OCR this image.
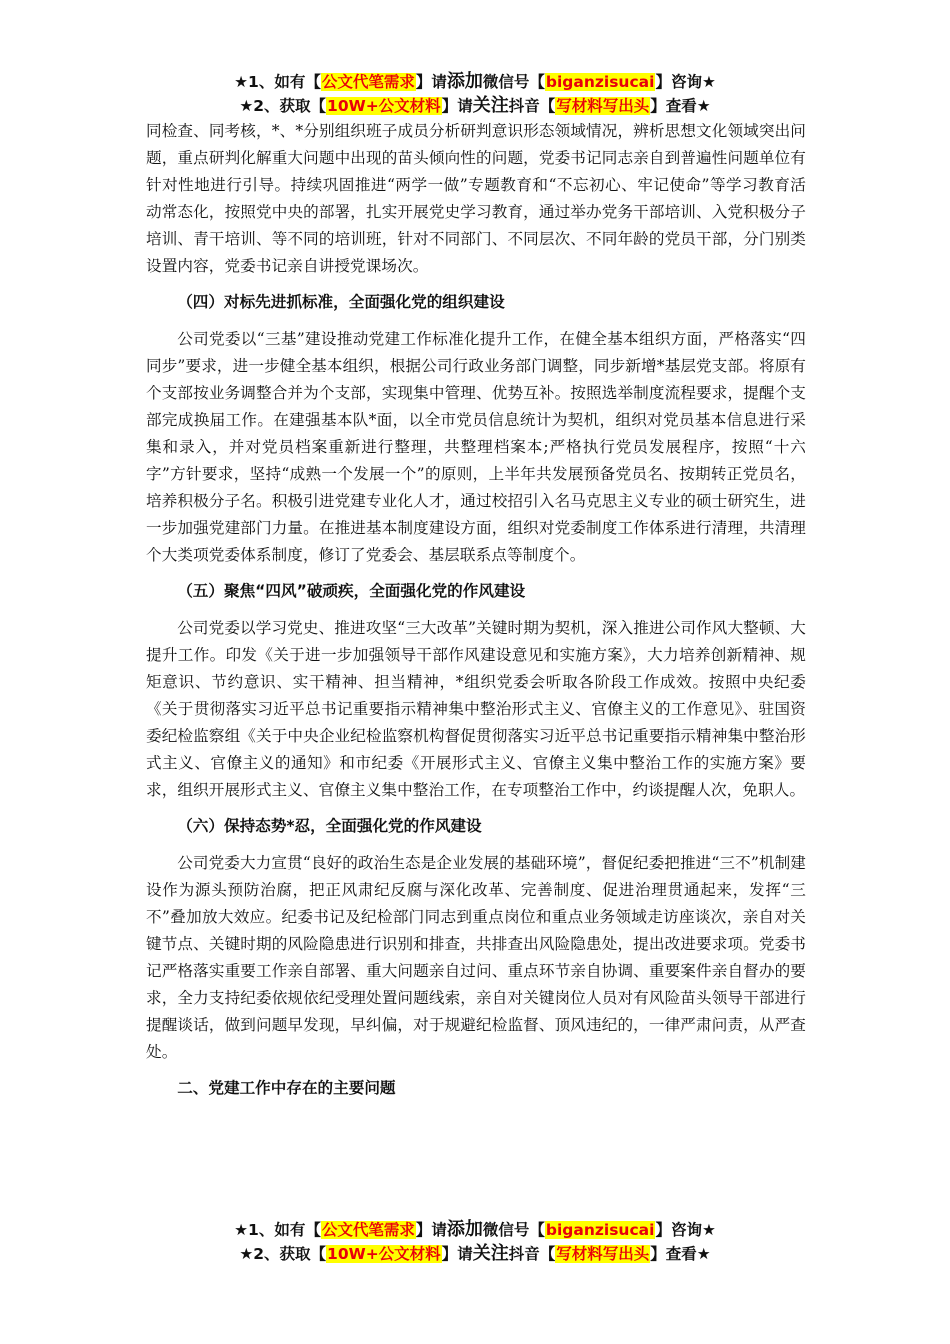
★1、如有【公文代笔需求】请添加微信号【biganzisucai】咨询★
★2、获取【10W+公文材料】请关注抖音【写材料写出头】查看★

同检查、同考核，*、*分别组织班子成员分析研判意识形态领域情况，辨析思想文化领域突出问题，重点研判化解重大问题中出现的苗头倾向性的问题，党委书记同志亲自到普遍性问题单位有针对性地进行引导。持续巩固推进“两学一做”专题教育和“不忘初心、牢记使命”等学习教育活动常态化，按照党中央的部署，扎实开展党史学习教育，通过举办党务干部培训、入党积极分子培训、青干培训、等不同的培训班，针对不同部门、不同层次、不同年龄的党员干部，分门别类设置内容，党委书记亲自讲授党课场次。

（四）对标先进抓标准，全面强化党的组织建设

公司党委以“三基”建设推动党建工作标准化提升工作，在健全基本组织方面，严格落实“四同步”要求，进一步健全基本组织，根据公司行政业务部门调整，同步新增*基层党支部。将原有个支部按业务调整合并为个支部，实现集中管理、优势互补。按照选举制度流程要求，提醒个支部完成换届工作。在建强基本队*面，以全市党员信息统计为契机，组织对党员基本信息进行采集和录入，并对党员档案重新进行整理，共整理档案本;严格执行党员发展程序，按照“十六字”方针要求，坚持“成熟一个发展一个”的原则，上半年共发展预备党员名、按期转正党员名，培养积极分子名。积极引进党建专业化人才，通过校招引入名马克思主义专业的硕士研究生，进一步加强党建部门力量。在推进基本制度建设方面，组织对党委制度工作体系进行清理，共清理个大类项党委体系制度，修订了党委会、基层联系点等制度个。

（五）聚焦“四风”破顽疾，全面强化党的作风建设

公司党委以学习党史、推进攻坚“三大改革”关键时期为契机，深入推进公司作风大整顿、大提升工作。印发《关于进一步加强领导干部作风建设意见和实施方案》，大力培养创新精神、规矩意识、节约意识、实干精神、担当精神，*组织党委会听取各阶段工作成效。按照中央纪委《关于贯彻落实习近平总书记重要指示精神集中整治形式主义、官僚主义的工作意见》、驻国资委纪检监察组《关于中央企业纪检监察机构督促贯彻落实习近平总书记重要指示精神集中整治形式主义、官僚主义的通知》和市纪委《开展形式主义、官僚主义集中整治工作的实施方案》要求，组织开展形式主义、官僚主义集中整治工作，在专项整治工作中，约谈提醒人次，免职人。

（六）保持态势*忍，全面强化党的作风建设

公司党委大力宣贯“良好的政治生态是企业发展的基础环境”，督促纪委把推进“三不”机制建设作为源头预防治腐，把正风肃纪反腐与深化改革、完善制度、促进治理贯通起来，发挥“三不”叠加放大效应。纪委书记及纪检部门同志到重点岗位和重点业务领域走访座谈次，亲自对关键节点、关键时期的风险隐患进行识别和排查，共排查出风险隐患处，提出改进要求项。党委书记严格落实重要工作亲自部署、重大问题亲自过问、重点环节亲自协调、重要案件亲自督办的要求，全力支持纪委依规依纪受理处置问题线索，亲自对关键岗位人员对有风险苗头领导干部进行提醒谈话，做到问题早发现，早纠偏，对于规避纪检监督、顶风违纪的，一律严肃问责，从严查处。

二、党建工作中存在的主要问题
★1、如有【公文代笔需求】请添加微信号【biganzisucai】咨询★
★2、获取【10W+公文材料】请关注抖音【写材料写出头】查看★
